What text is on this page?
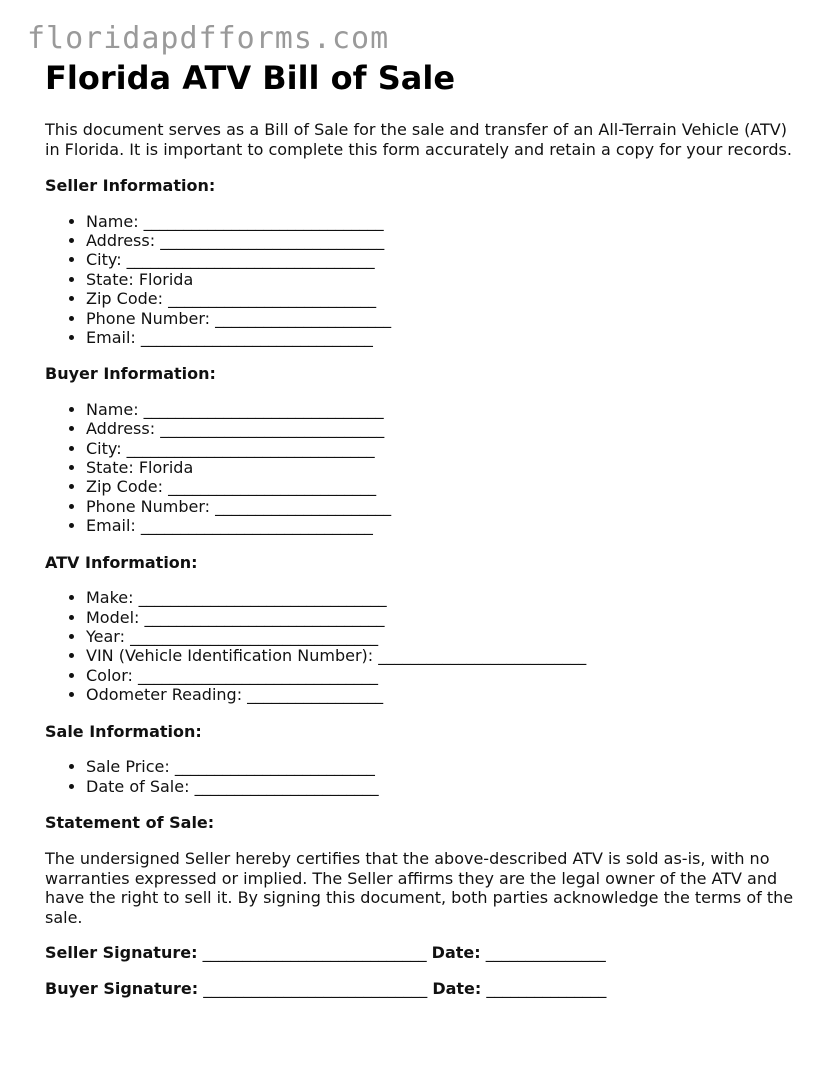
floridapdfforms.com
Florida ATV Bill of Sale

This document serves as a Bill of Sale for the sale and transfer of an All-Terrain Vehicle (ATV) in Florida. It is important to complete this form accurately and retain a copy for your records.

Seller Information:

• Name: ______________________________
• Address: ____________________________
• City: _______________________________
• State: Florida
• Zip Code: __________________________
• Phone Number: ______________________
• Email: _____________________________

Buyer Information:

• Name: ______________________________
• Address: ____________________________
• City: _______________________________
• State: Florida
• Zip Code: __________________________
• Phone Number: ______________________
• Email: _____________________________

ATV Information:

• Make: _______________________________
• Model: ______________________________
• Year: _______________________________
• VIN (Vehicle Identification Number): __________________________
• Color: ______________________________
• Odometer Reading: _________________

Sale Information:

• Sale Price: _________________________
• Date of Sale: _______________________

Statement of Sale:

The undersigned Seller hereby certifies that the above-described ATV is sold as-is, with no warranties expressed or implied. The Seller affirms they are the legal owner of the ATV and have the right to sell it. By signing this document, both parties acknowledge the terms of the sale.

Seller Signature: ____________________________ Date: _______________

Buyer Signature: ____________________________ Date: _______________
